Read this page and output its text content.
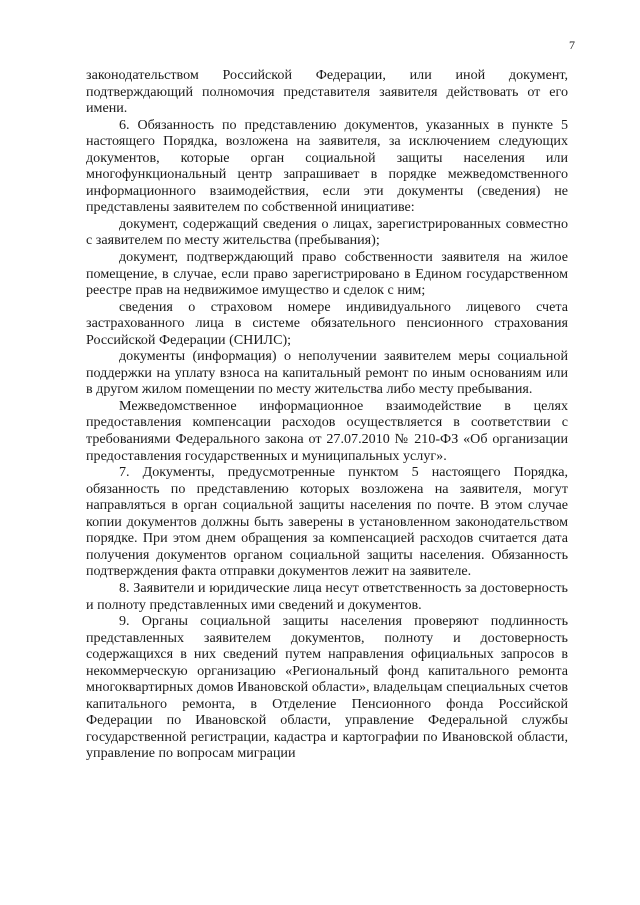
7

законодательством Российской Федерации, или иной документ, подтверждающий полномочия представителя заявителя действовать от его имени.

6. Обязанность по представлению документов, указанных в пункте 5 настоящего Порядка, возложена на заявителя, за исключением следующих документов, которые орган социальной защиты населения или многофункциональный центр запрашивает в порядке межведомственного информационного взаимодействия, если эти документы (сведения) не представлены заявителем по собственной инициативе:

документ, содержащий сведения о лицах, зарегистрированных совместно с заявителем по месту жительства (пребывания);

документ, подтверждающий право собственности заявителя на жилое помещение, в случае, если право зарегистрировано в Едином государственном реестре прав на недвижимое имущество и сделок с ним;

сведения о страховом номере индивидуального лицевого счета застрахованного лица в системе обязательного пенсионного страхования Российской Федерации (СНИЛС);

документы (информация) о неполучении заявителем меры социальной поддержки на уплату взноса на капитальный ремонт по иным основаниям или в другом жилом помещении по месту жительства либо месту пребывания.

Межведомственное информационное взаимодействие в целях предоставления компенсации расходов осуществляется в соответствии с требованиями Федерального закона от 27.07.2010 № 210-ФЗ «Об организации предоставления государственных и муниципальных услуг».

7. Документы, предусмотренные пунктом 5 настоящего Порядка, обязанность по представлению которых возложена на заявителя, могут направляться в орган социальной защиты населения по почте. В этом случае копии документов должны быть заверены в установленном законодательством порядке. При этом днем обращения за компенсацией расходов считается дата получения документов органом социальной защиты населения. Обязанность подтверждения факта отправки документов лежит на заявителе.

8. Заявители и юридические лица несут ответственность за достоверность и полноту представленных ими сведений и документов.

9. Органы социальной защиты населения проверяют подлинность представленных заявителем документов, полноту и достоверность содержащихся в них сведений путем направления официальных запросов в некоммерческую организацию «Региональный фонд капитального ремонта многоквартирных домов Ивановской области», владельцам специальных счетов капитального ремонта, в Отделение Пенсионного фонда Российской Федерации по Ивановской области, управление Федеральной службы государственной регистрации, кадастра и картографии по Ивановской области, управление по вопросам миграции
